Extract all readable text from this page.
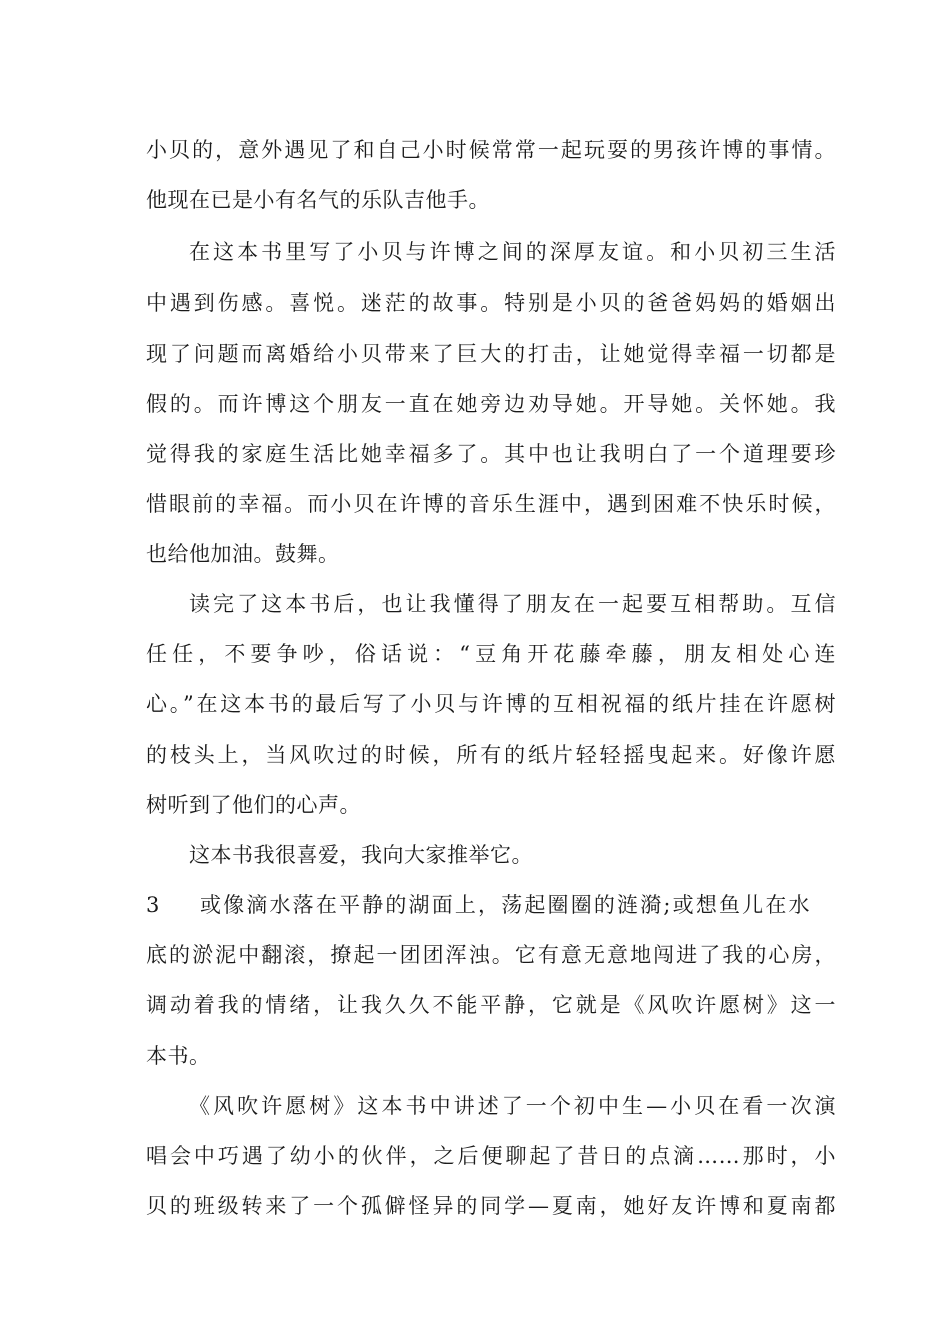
小贝的，意外遇见了和自己小时候常常一起玩耍的男孩许博的事情。
他现在已是小有名气的乐队吉他手。
在这本书里写了小贝与许博之间的深厚友谊。和小贝初三生活
中遇到伤感。喜悦。迷茫的故事。特别是小贝的爸爸妈妈的婚姻出
现了问题而离婚给小贝带来了巨大的打击，让她觉得幸福一切都是
假的。而许博这个朋友一直在她旁边劝导她。开导她。关怀她。我
觉得我的家庭生活比她幸福多了。其中也让我明白了一个道理要珍
惜眼前的幸福。而小贝在许博的音乐生涯中，遇到困难不快乐时候，
也给他加油。鼓舞。
读完了这本书后，也让我懂得了朋友在一起要互相帮助。互信
任任，不要争吵，俗话说：“豆角开花藤牵藤，朋友相处心连
心。”在这本书的最后写了小贝与许博的互相祝福的纸片挂在许愿树
的枝头上，当风吹过的时候，所有的纸片轻轻摇曳起来。好像许愿
树听到了他们的心声。
这本书我很喜爱，我向大家推举它。
3 或像滴水落在平静的湖面上，荡起圈圈的涟漪;或想鱼儿在水
底的淤泥中翻滚，撩起一团团浑浊。它有意无意地闯进了我的心房，
调动着我的情绪，让我久久不能平静，它就是《风吹许愿树》这一
本书。
《风吹许愿树》这本书中讲述了一个初中生—小贝在看一次演
唱会中巧遇了幼小的伙伴，之后便聊起了昔日的点滴……那时，小
贝的班级转来了一个孤僻怪异的同学—夏南，她好友许博和夏南都
